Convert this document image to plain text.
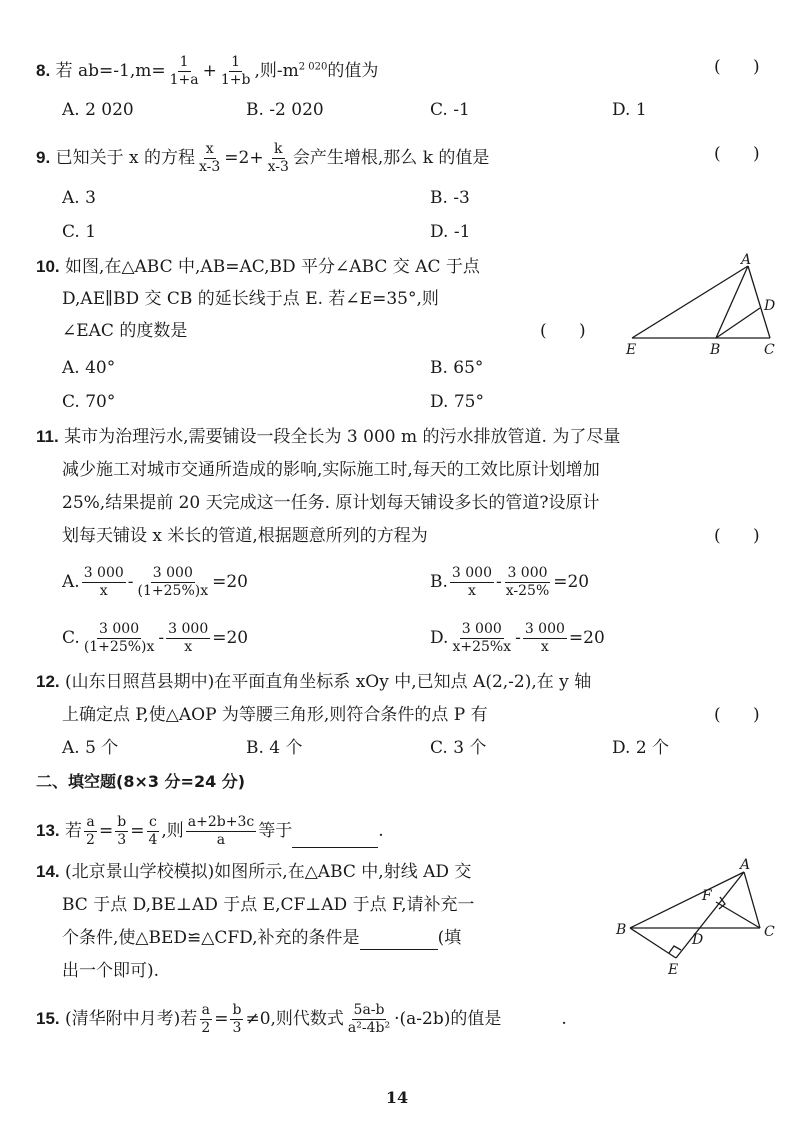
8. 若 $ab=-1,m= \frac{1}{1+a} + \frac{1}{1+b}$ ,则$-m^{2 020}$的值为	(      )
A. 2 020	B. -2 020	C. -1	D. 1
9. 已知关于 x 的方程 $\frac{x}{x-3} =2+ \frac{k}{x-3}$ 会产生增根,那么 k 的值是	(      )
A. 3	B. -3
C. 1	D. -1
10. 如图,在△ABC 中,AB=AC,BD 平分∠ABC 交 AC 于点
D,AE∥BD 交 CB 的延长线于点 E. 若∠E=35°,则
∠EAC 的度数是	(      )
A. 40°	B. 65°
C. 70°	D. 75°
A
D
E	B	C
11. 某市为治理污水,需要铺设一段全长为 3 000 m 的污水排放管道. 为了尽量
减少施工对城市交通所造成的影响,实际施工时,每天的工效比原计划增加
25%,结果提前 20 天完成这一任务. 原计划每天铺设多长的管道?设原计
划每天铺设 x 米长的管道,根据题意所列的方程为	(      )
A. $\frac{3 000}{x} - \frac{3 000}{(1+25\%)x} =20$	B. $\frac{3 000}{x} - \frac{3 000}{x-25\%} =20$
C. $\frac{3 000}{(1+25\%)x} - \frac{3 000}{x} =20$	D. $\frac{3 000}{x+25\%x} - \frac{3 000}{x} =20$
12. (山东日照莒县期中)在平面直角坐标系 xOy 中,已知点 A(2,-2),在 y 轴
上确定点 P,使△AOP 为等腰三角形,则符合条件的点 P 有	(      )
A. 5 个	B. 4 个	C. 3 个	D. 2 个
二、填空题(8×3 分=24 分)
13. 若 $\frac{a}{2} = \frac{b}{3} = \frac{c}{4}$ ,则 $\frac{a+2b+3c}{a}$ 等于	.
14. (北京景山学校模拟)如图所示,在△ABC 中,射线 AD 交
BC 于点 D,BE⊥AD 于点 E,CF⊥AD 于点 F,请补充一
个条件,使△BED≌△CFD,补充的条件是	(填
出一个即可).
A
F
B
D	C
E
15. (清华附中月考)若 $\frac{a}{2} = \frac{b}{3} \ne 0$,则代数式 $\frac{5a-b}{\text{a²-4b²}} \cdot(a-2b)$的值是	.
14
